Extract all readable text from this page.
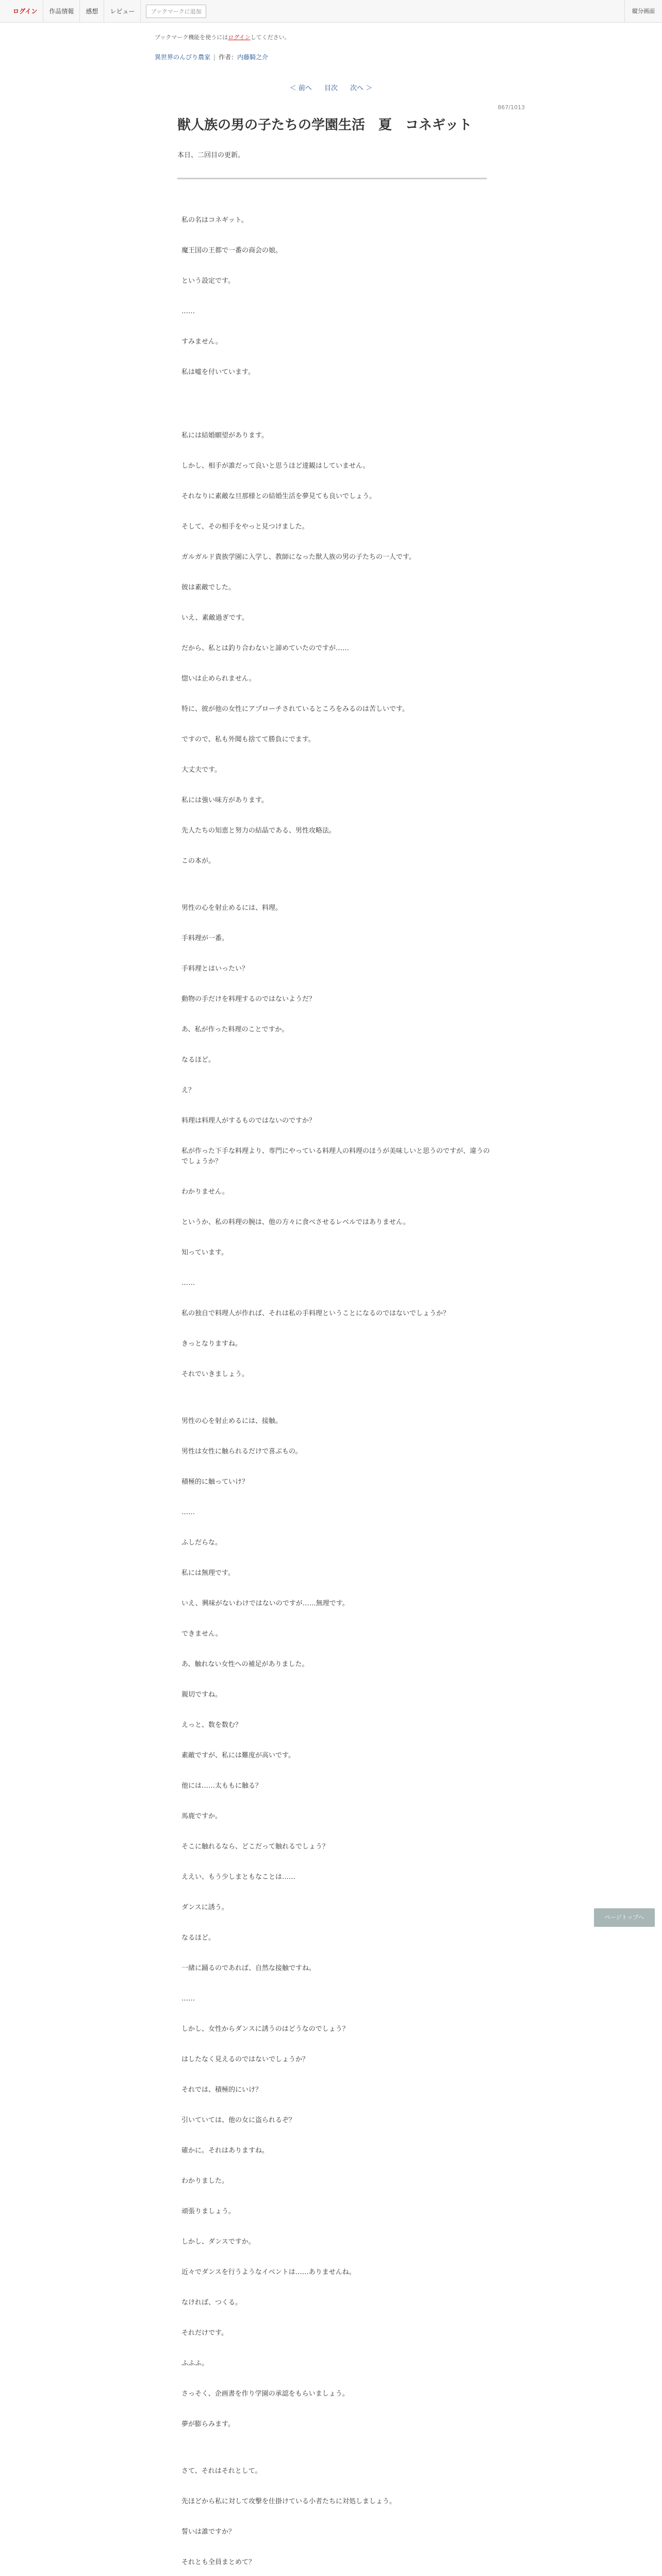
ログイン	作品情報	感想	レビュー	ブックマークに追加	縦分画面
ブックマーク機能を使うにはログインしてください。
異世界のんびり農家 | 作者： 内藤騎之介
＜ 前へ 目次 次へ ＞
867/1013
獣人族の男の子たちの学園生活　夏　コネギット
本日、二回目の更新。

私の名はコネギット。

魔王国の王都で一番の商会の娘。

という設定です。

……

すみません。

私は嘘を付いています。

私には結婚願望があります。

しかし、相手が誰だって良いと思うほど達観はしていません。

それなりに素敵な旦那様との結婚生活を夢見ても良いでしょう。

そして、その相手をやっと見つけました。

ガルガルド貴族学園に入学し、教師になった獣人族の男の子たちの一人です。

彼は素敵でした。

いえ、素敵過ぎです。

だから、私とは釣り合わないと諦めていたのですが……

惚いは止められません。

特に、彼が他の女性にアプローチされているところをみるのは苦しいです。

ですので、私も外聞も捨てて勝負にでます。

大丈夫です。

私には強い味方があります。

先人たちの知恵と努力の結晶である、男性攻略法。

この本が。

男性の心を射止めるには、料理。

手料理が一番。

手料理とはいったい？

動物の手だけを料理するのではないようだ？

あ、私が作った料理のことですか。

なるほど。

え？

料理は料理人がするものではないのですか？

私が作った下手な料理より、専門にやっている料理人の料理のほうが美味しいと思うのですが、違うのでしょうか？

わかりません。

というか、私の料理の腕は、他の方々に食べさせるレベルではありません。

知っています。

……

私の独自で料理人が作れば、それは私の手料理ということになるのではないでしょうか？

きっとなりますね。

それでいきましょう。

男性の心を射止めるには、接触。

男性は女性に触られるだけで喜ぶもの。

積極的に触っていけ？

……

ふしだらな。

私には無理です。

いえ、興味がないわけではないのですが……無理です。

できません。

あ、触れない女性への補足がありました。

親切ですね。

えっと、数を数む？

素敵ですが、私には難度が高いです。

他には……太ももに触る？

馬鹿ですか。

そこに触れるなら、どこだって触れるでしょう？

ええい、もう少しまともなことは……

ダンスに誘う。

なるほど。

一緒に踊るのであれば、自然な接触ですね。

……

しかし、女性からダンスに誘うのはどうなのでしょう？

はしたなく見えるのではないでしょうか？

それでは、積極的にいけ？

引いていては、他の女に盗られるぞ？

確かに。それはありますね。

わかりました。

頑張りましょう。

しかし、ダンスですか。

近々でダンスを行うようなイベントは……ありませんね。

なければ、つくる。

それだけです。

ふふふ。

さっそく、企画書を作り学園の承認をもらいましょう。

夢が膨らみます。

さて、それはそれとして。

先ほどから私に対して攻撃を仕掛けている小者たちに対処しましょう。

誓いは誰ですか？

それとも全員まとめて？

ページトップへ
